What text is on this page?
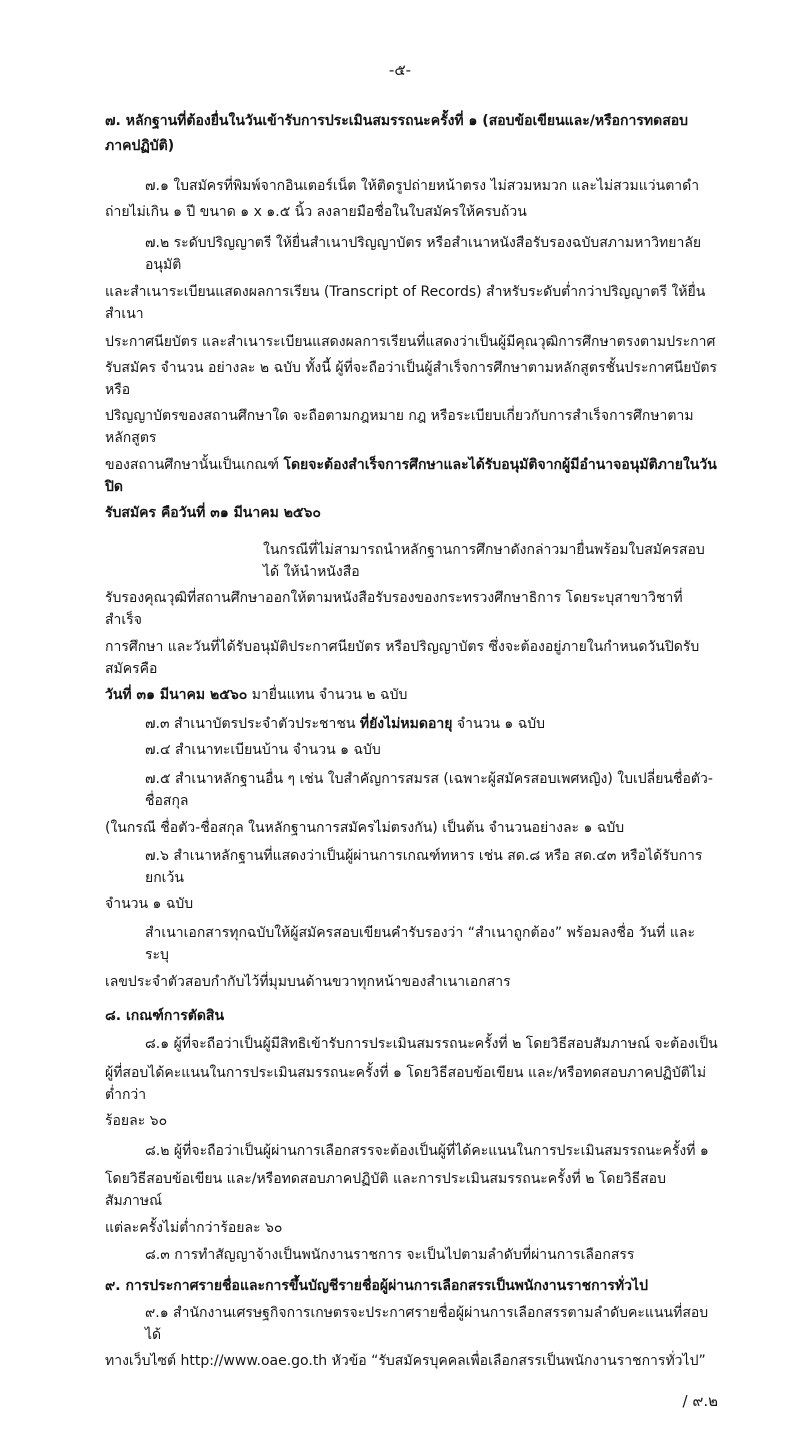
-๕-
๗. หลักฐานที่ต้องยื่นในวันเข้ารับการประเมินสมรรถนะครั้งที่ ๑ (สอบข้อเขียนและ/หรือการทดสอบ
ภาคปฏิบัติ)
๗.๑ ใบสมัครที่พิมพ์จากอินเตอร์เน็ต ให้ติดรูปถ่ายหน้าตรง ไม่สวมหมวก และไม่สวมแว่นตาดำ
ถ่ายไม่เกิน ๑ ปี ขนาด ๑ x ๑.๕ นิ้ว ลงลายมือชื่อในใบสมัครให้ครบถ้วน
๗.๒ ระดับปริญญาตรี ให้ยื่นสำเนาปริญญาบัตร หรือสำเนาหนังสือรับรองฉบับสภามหาวิทยาลัยอนุมัติ
และสำเนาระเบียนแสดงผลการเรียน (Transcript of Records) สำหรับระดับต่ำกว่าปริญญาตรี ให้ยื่นสำเนา
ประกาศนียบัตร และสำเนาระเบียนแสดงผลการเรียนที่แสดงว่าเป็นผู้มีคุณวุฒิการศึกษาตรงตามประกาศ
รับสมัคร จำนวน อย่างละ ๒ ฉบับ ทั้งนี้ ผู้ที่จะถือว่าเป็นผู้สำเร็จการศึกษาตามหลักสูตรชั้นประกาศนียบัตร หรือ
ปริญญาบัตรของสถานศึกษาใด จะถือตามกฎหมาย กฎ หรือระเบียบเกี่ยวกับการสำเร็จการศึกษาตามหลักสูตร
ของสถานศึกษานั้นเป็นเกณฑ์ โดยจะต้องสำเร็จการศึกษาและได้รับอนุมัติจากผู้มีอำนาจอนุมัติภายในวันปิด
รับสมัคร คือวันที่ ๓๑ มีนาคม ๒๕๖๐
ในกรณีที่ไม่สามารถนำหลักฐานการศึกษาดังกล่าวมายื่นพร้อมใบสมัครสอบได้ ให้นำหนังสือ
รับรองคุณวุฒิที่สถานศึกษาออกให้ตามหนังสือรับรองของกระทรวงศึกษาธิการ โดยระบุสาขาวิชาที่สำเร็จ
การศึกษา และวันที่ได้รับอนุมัติประกาศนียบัตร หรือปริญญาบัตร ซึ่งจะต้องอยู่ภายในกำหนดวันปิดรับสมัครคือ
วันที่ ๓๑ มีนาคม ๒๕๖๐ มายื่นแทน จำนวน ๒ ฉบับ
๗.๓ สำเนาบัตรประจำตัวประชาชน ที่ยังไม่หมดอายุ จำนวน ๑ ฉบับ
๗.๔ สำเนาทะเบียนบ้าน จำนวน ๑ ฉบับ
๗.๕ สำเนาหลักฐานอื่น ๆ เช่น ใบสำคัญการสมรส (เฉพาะผู้สมัครสอบเพศหญิง) ใบเปลี่ยนชื่อตัว-ชื่อสกุล
(ในกรณี ชื่อตัว-ชื่อสกุล ในหลักฐานการสมัครไม่ตรงกัน) เป็นต้น จำนวนอย่างละ ๑ ฉบับ
๗.๖ สำเนาหลักฐานที่แสดงว่าเป็นผู้ผ่านการเกณฑ์ทหาร เช่น สด.๘ หรือ สด.๔๓ หรือได้รับการยกเว้น
จำนวน ๑ ฉบับ
สำเนาเอกสารทุกฉบับให้ผู้สมัครสอบเขียนคำรับรองว่า “สำเนาถูกต้อง” พร้อมลงชื่อ วันที่ และระบุ
เลขประจำตัวสอบกำกับไว้ที่มุมบนด้านขวาทุกหน้าของสำเนาเอกสาร
๘. เกณฑ์การตัดสิน
๘.๑ ผู้ที่จะถือว่าเป็นผู้มีสิทธิเข้ารับการประเมินสมรรถนะครั้งที่ ๒ โดยวิธีสอบสัมภาษณ์ จะต้องเป็น
ผู้ที่สอบได้คะแนนในการประเมินสมรรถนะครั้งที่ ๑ โดยวิธีสอบข้อเขียน และ/หรือทดสอบภาคปฏิบัติไม่ต่ำกว่า
ร้อยละ ๖๐
๘.๒ ผู้ที่จะถือว่าเป็นผู้ผ่านการเลือกสรรจะต้องเป็นผู้ที่ได้คะแนนในการประเมินสมรรถนะครั้งที่ ๑
โดยวิธีสอบข้อเขียน และ/หรือทดสอบภาคปฏิบัติ และการประเมินสมรรถนะครั้งที่ ๒ โดยวิธีสอบสัมภาษณ์
แต่ละครั้งไม่ต่ำกว่าร้อยละ ๖๐
๘.๓ การทำสัญญาจ้างเป็นพนักงานราชการ จะเป็นไปตามลำดับที่ผ่านการเลือกสรร
๙. การประกาศรายชื่อและการขึ้นบัญชีรายชื่อผู้ผ่านการเลือกสรรเป็นพนักงานราชการทั่วไป
๙.๑ สำนักงานเศรษฐกิจการเกษตรจะประกาศรายชื่อผู้ผ่านการเลือกสรรตามลำดับคะแนนที่สอบได้
ทางเว็บไซต์ http://www.oae.go.th หัวข้อ “รับสมัครบุคคลเพื่อเลือกสรรเป็นพนักงานราชการทั่วไป”
/ ๙.๒
